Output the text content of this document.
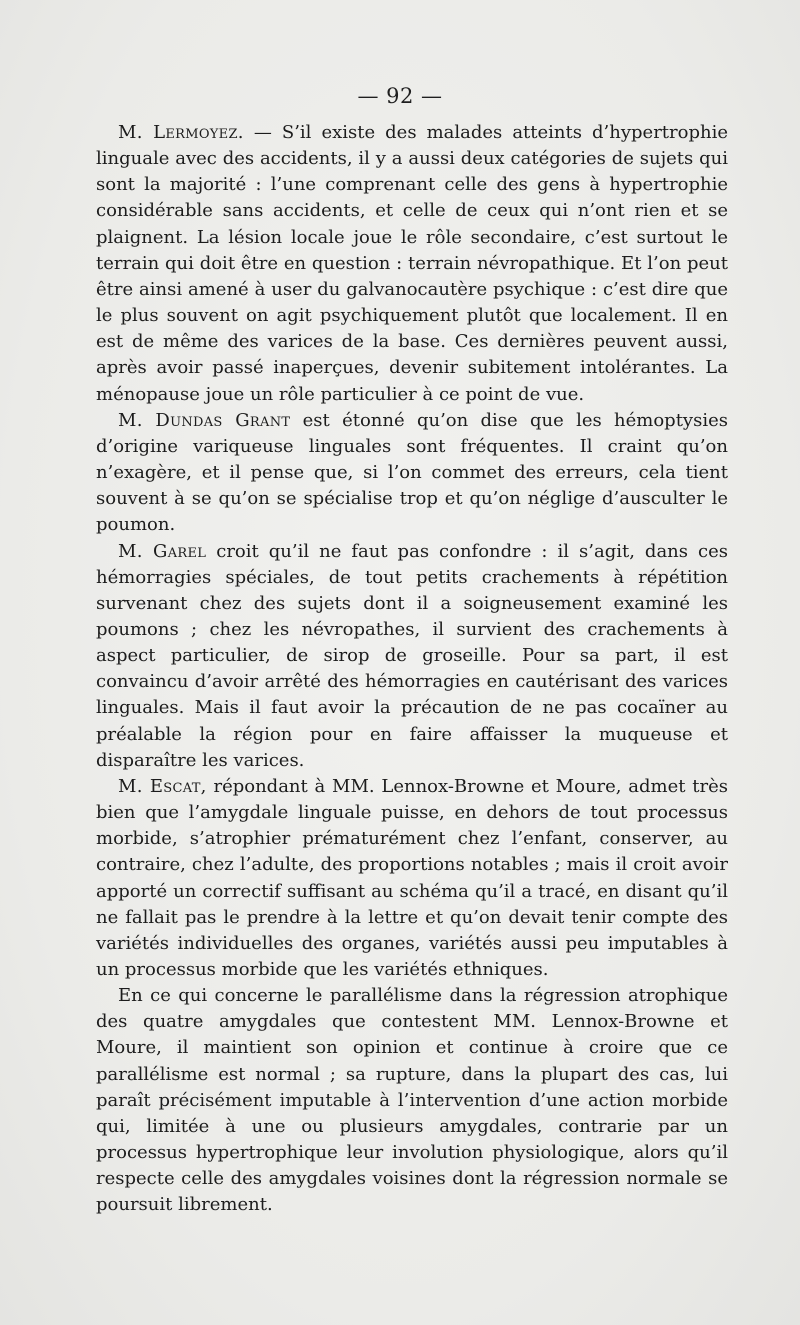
— 92 —

M. Lermoyez. — S’il existe des malades atteints d’hypertrophie linguale avec des accidents, il y a aussi deux catégories de sujets qui sont la majorité : l’une comprenant celle des gens à hypertrophie considérable sans accidents, et celle de ceux qui n’ont rien et se plaignent. La lésion locale joue le rôle secondaire, c’est surtout le terrain qui doit être en question : terrain névropathique. Et l’on peut être ainsi amené à user du galvanocautère psychique : c’est dire que le plus souvent on agit psychiquement plutôt que localement. Il en est de même des varices de la base. Ces dernières peuvent aussi, après avoir passé inaperçues, devenir subitement intolérantes. La ménopause joue un rôle particulier à ce point de vue.

M. Dundas Grant est étonné qu’on dise que les hémoptysies d’origine variqueuse linguales sont fréquentes. Il craint qu’on n’exagère, et il pense que, si l’on commet des erreurs, cela tient souvent à se qu’on se spécialise trop et qu’on néglige d’ausculter le poumon.

M. Garel croit qu’il ne faut pas confondre : il s’agit, dans ces hémorragies spéciales, de tout petits crachements à répétition survenant chez des sujets dont il a soigneusement examiné les poumons ; chez les névropathes, il survient des crachements à aspect particulier, de sirop de groseille. Pour sa part, il est convaincu d’avoir arrêté des hémorragies en cautérisant des varices linguales. Mais il faut avoir la précaution de ne pas cocaïner au préalable la région pour en faire affaisser la muqueuse et disparaître les varices.

M. Escat, répondant à MM. Lennox-Browne et Moure, admet très bien que l’amygdale linguale puisse, en dehors de tout processus morbide, s’atrophier prématurément chez l’enfant, conserver, au contraire, chez l’adulte, des proportions notables ; mais il croit avoir apporté un correctif suffisant au schéma qu’il a tracé, en disant qu’il ne fallait pas le prendre à la lettre et qu’on devait tenir compte des variétés individuelles des organes, variétés aussi peu imputables à un processus morbide que les variétés ethniques.

En ce qui concerne le parallélisme dans la régression atrophique des quatre amygdales que contestent MM. Lennox-Browne et Moure, il maintient son opinion et continue à croire que ce parallélisme est normal ; sa rupture, dans la plupart des cas, lui paraît précisément imputable à l’intervention d’une action morbide qui, limitée à une ou plusieurs amygdales, contrarie par un processus hypertrophique leur involution physiologique, alors qu’il respecte celle des amygdales voisines dont la régression normale se poursuit librement.
